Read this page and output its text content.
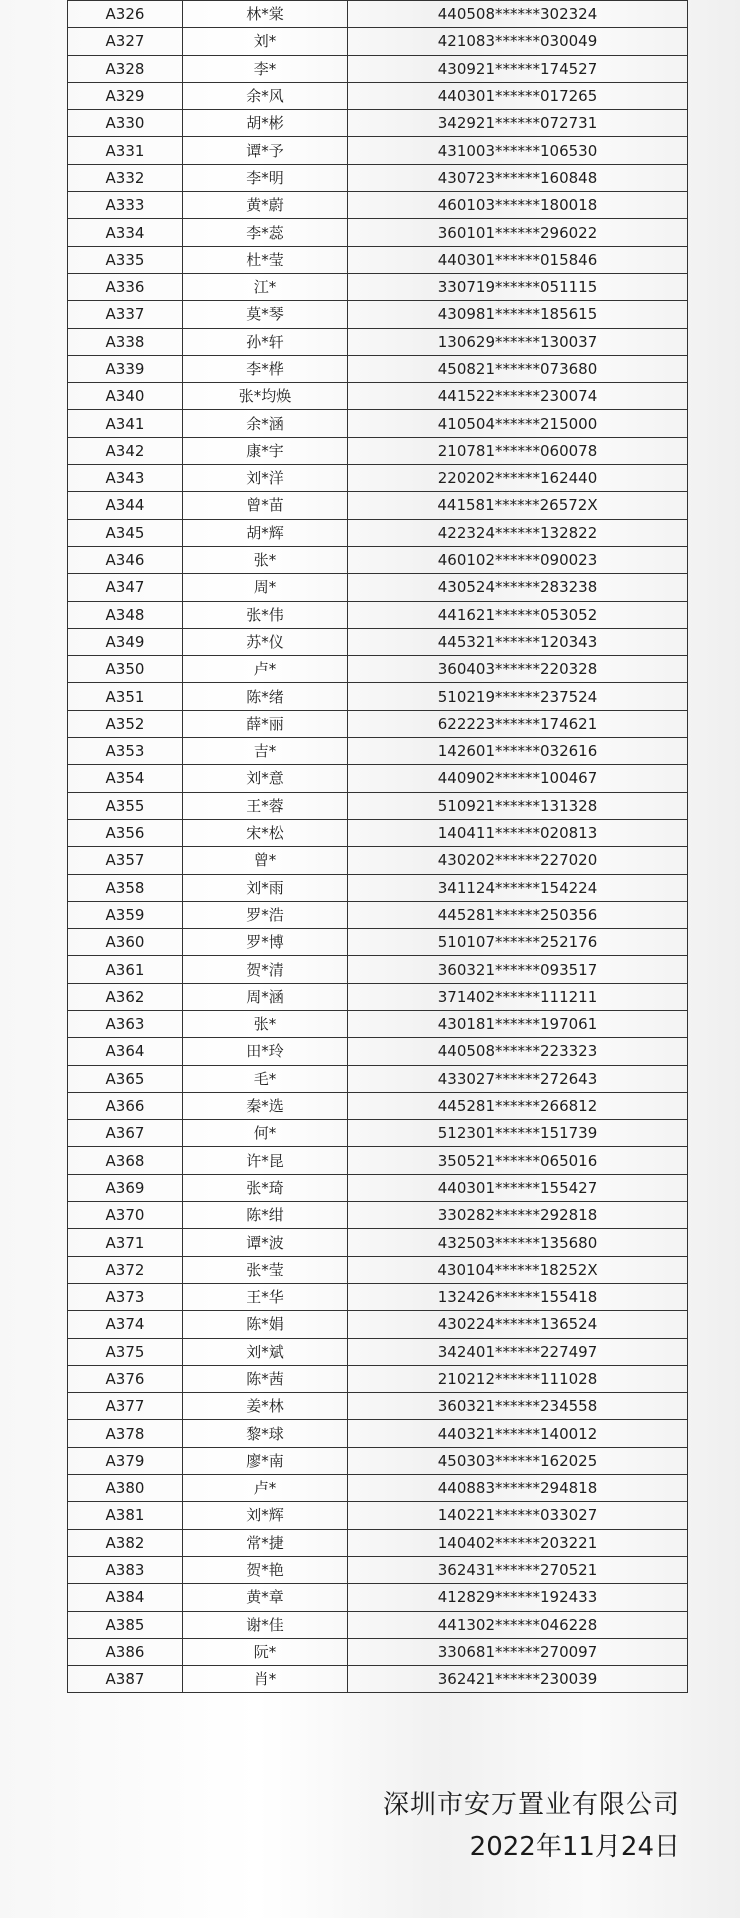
A326	林*棠	440508******302324
A327	刘*	421083******030049
A328	李*	430921******174527
A329	余*风	440301******017265
A330	胡*彬	342921******072731
A331	谭*予	431003******106530
A332	李*明	430723******160848
A333	黄*蔚	460103******180018
A334	李*蕊	360101******296022
A335	杜*莹	440301******015846
A336	江*	330719******051115
A337	莫*琴	430981******185615
A338	孙*轩	130629******130037
A339	李*桦	450821******073680
A340	张*均焕	441522******230074
A341	余*涵	410504******215000
A342	康*宇	210781******060078
A343	刘*洋	220202******162440
A344	曾*苗	441581******26572X
A345	胡*辉	422324******132822
A346	张*	460102******090023
A347	周*	430524******283238
A348	张*伟	441621******053052
A349	苏*仪	445321******120343
A350	卢*	360403******220328
A351	陈*绪	510219******237524
A352	薛*丽	622223******174621
A353	吉*	142601******032616
A354	刘*意	440902******100467
A355	王*蓉	510921******131328
A356	宋*松	140411******020813
A357	曾*	430202******227020
A358	刘*雨	341124******154224
A359	罗*浩	445281******250356
A360	罗*博	510107******252176
A361	贺*清	360321******093517
A362	周*涵	371402******111211
A363	张*	430181******197061
A364	田*玲	440508******223323
A365	毛*	433027******272643
A366	秦*选	445281******266812
A367	何*	512301******151739
A368	许*昆	350521******065016
A369	张*琦	440301******155427
A370	陈*绀	330282******292818
A371	谭*波	432503******135680
A372	张*莹	430104******18252X
A373	王*华	132426******155418
A374	陈*娟	430224******136524
A375	刘*斌	342401******227497
A376	陈*茜	210212******111028
A377	姜*林	360321******234558
A378	黎*球	440321******140012
A379	廖*南	450303******162025
A380	卢*	440883******294818
A381	刘*辉	140221******033027
A382	常*捷	140402******203221
A383	贺*艳	362431******270521
A384	黄*章	412829******192433
A385	谢*佳	441302******046228
A386	阮*	330681******270097
A387	肖*	362421******230039
深圳市安万置业有限公司
2022年11月24日
